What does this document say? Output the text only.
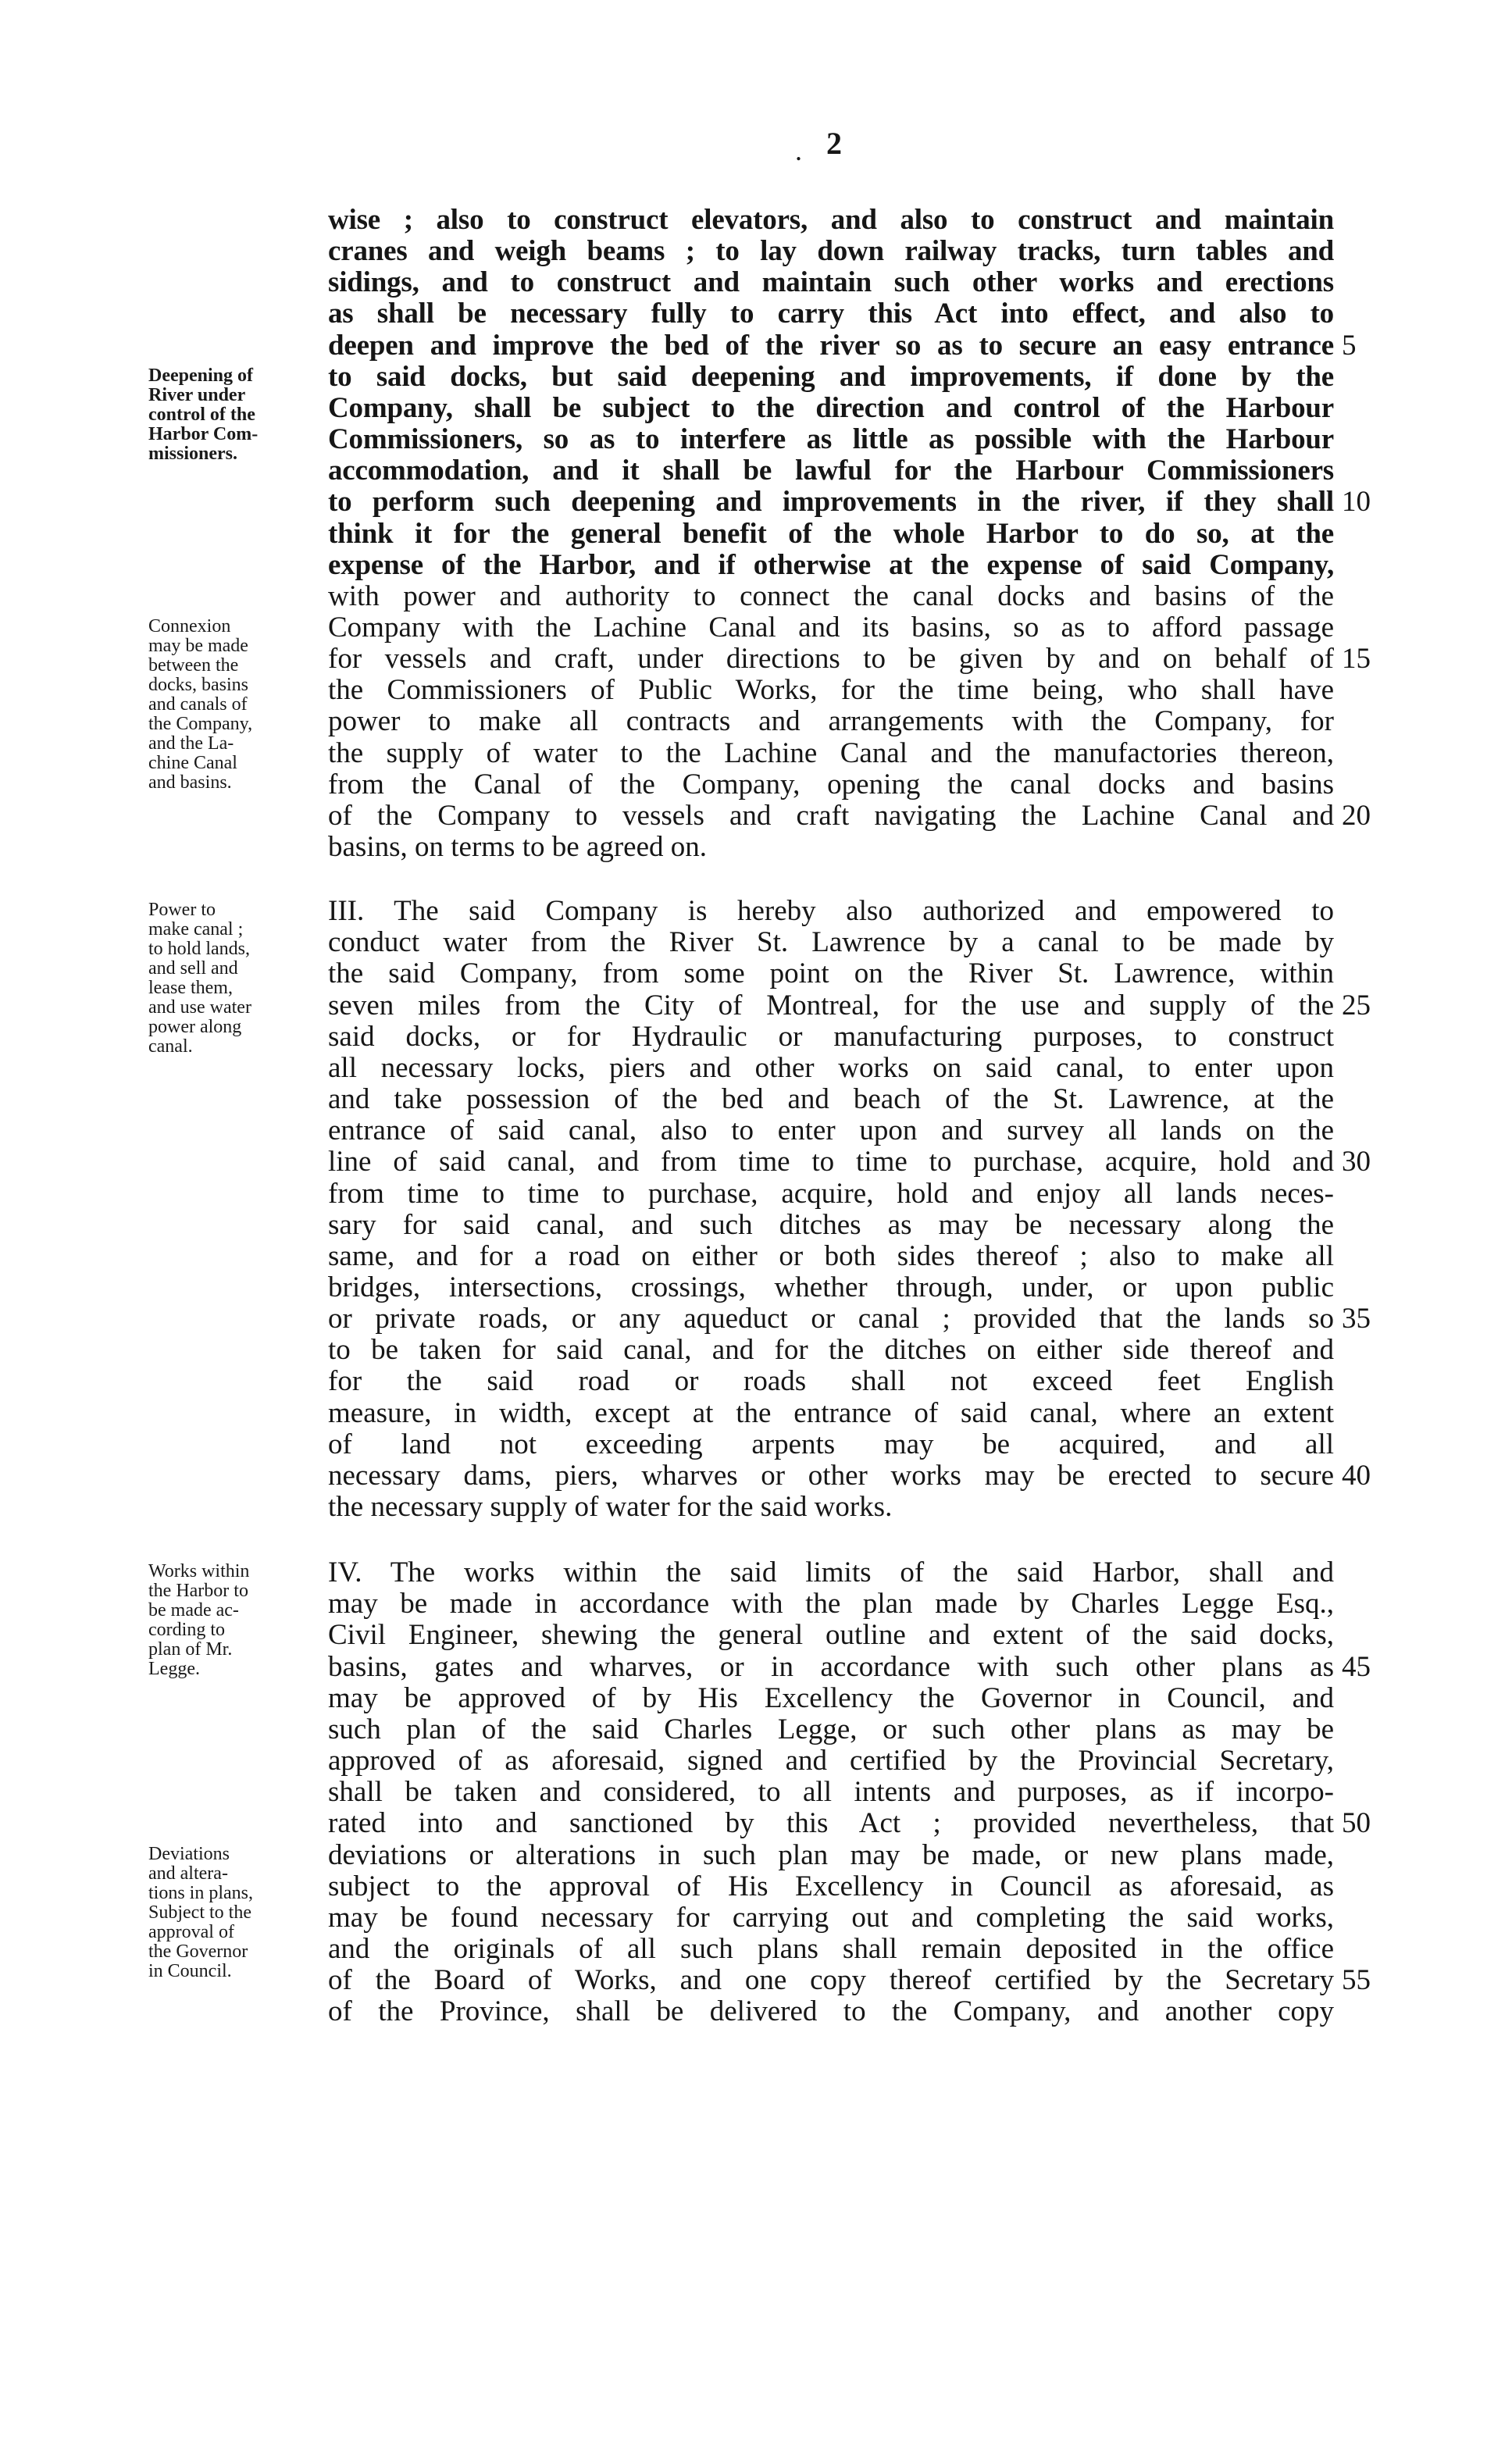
. 2
wise ; also to construct elevators, and also to construct and maintain
cranes and weigh beams ; to lay down railway tracks, turn tables and
sidings, and to construct and maintain such other works and erections
as shall be necessary fully to carry this Act into effect, and also to
deepen and improve the bed of the river so as to secure an easy entrance
to said docks, but said deepening and improvements, if done by the
Company, shall be subject to the direction and control of the Harbour
Commissioners, so as to interfere as little as possible with the Harbour
accommodation, and it shall be lawful for the Harbour Commissioners
to perform such deepening and improvements in the river, if they shall
think it for the general benefit of the whole Harbor to do so, at the
expense of the Harbor, and if otherwise at the expense of said Company,
with power and authority to connect the canal docks and basins of the
Company with the Lachine Canal and its basins, so as to afford passage
for vessels and craft, under directions to be given by and on behalf of
the Commissioners of Public Works, for the time being, who shall have
power to make all contracts and arrangements with the Company, for
the supply of water to the Lachine Canal and the manufactories thereon,
from the Canal of the Company, opening the canal docks and basins
of the Company to vessels and craft navigating the Lachine Canal and
basins, on terms to be agreed on.
III. The said Company is hereby also authorized and empowered to
conduct water from the River St. Lawrence by a canal to be made by
the said Company, from some point on the River St. Lawrence, within
seven miles from the City of Montreal, for the use and supply of the
said docks, or for Hydraulic or manufacturing purposes, to construct
all necessary locks, piers and other works on said canal, to enter upon
and take possession of the bed and beach of the St. Lawrence, at the
entrance of said canal, also to enter upon and survey all lands on the
line of said canal, and from time to time to purchase, acquire, hold and
from time to time to purchase, acquire, hold and enjoy all lands neces-
sary for said canal, and such ditches as may be necessary along the
same, and for a road on either or both sides thereof ; also to make all
bridges, intersections, crossings, whether through, under, or upon public
or private roads, or any aqueduct or canal ; provided that the lands so
to be taken for said canal, and for the ditches on either side thereof and
for the said road or roads shall not exceed feet English
measure, in width, except at the entrance of said canal, where an extent
of land not exceeding arpents may be acquired, and all
necessary dams, piers, wharves or other works may be erected to secure
the necessary supply of water for the said works.
IV. The works within the said limits of the said Harbor, shall and
may be made in accordance with the plan made by Charles Legge Esq.,
Civil Engineer, shewing the general outline and extent of the said docks,
basins, gates and wharves, or in accordance with such other plans as
may be approved of by His Excellency the Governor in Council, and
such plan of the said Charles Legge, or such other plans as may be
approved of as aforesaid, signed and certified by the Provincial Secretary,
shall be taken and considered, to all intents and purposes, as if incorpo-
rated into and sanctioned by this Act ; provided nevertheless, that
deviations or alterations in such plan may be made, or new plans made,
subject to the approval of His Excellency in Council as aforesaid, as
may be found necessary for carrying out and completing the said works,
and the originals of all such plans shall remain deposited in the office
of the Board of Works, and one copy thereof certified by the Secretary
of the Province, shall be delivered to the Company, and another copy
5
10
15
20
25
30
35
40
45
50
55
Deepening of
River under
control of the
Harbor Com-
missioners.
Connexion
may be made
between the
docks, basins
and canals of
the Company,
and the La-
chine Canal
and basins.
Power to
make canal ;
to hold lands,
and sell and
lease them,
and use water
power along
canal.
Works within
the Harbor to
be made ac-
cording to
plan of Mr.
Legge.
Deviations
and altera-
tions in plans,
Subject to the
approval of
the Governor
in Council.
